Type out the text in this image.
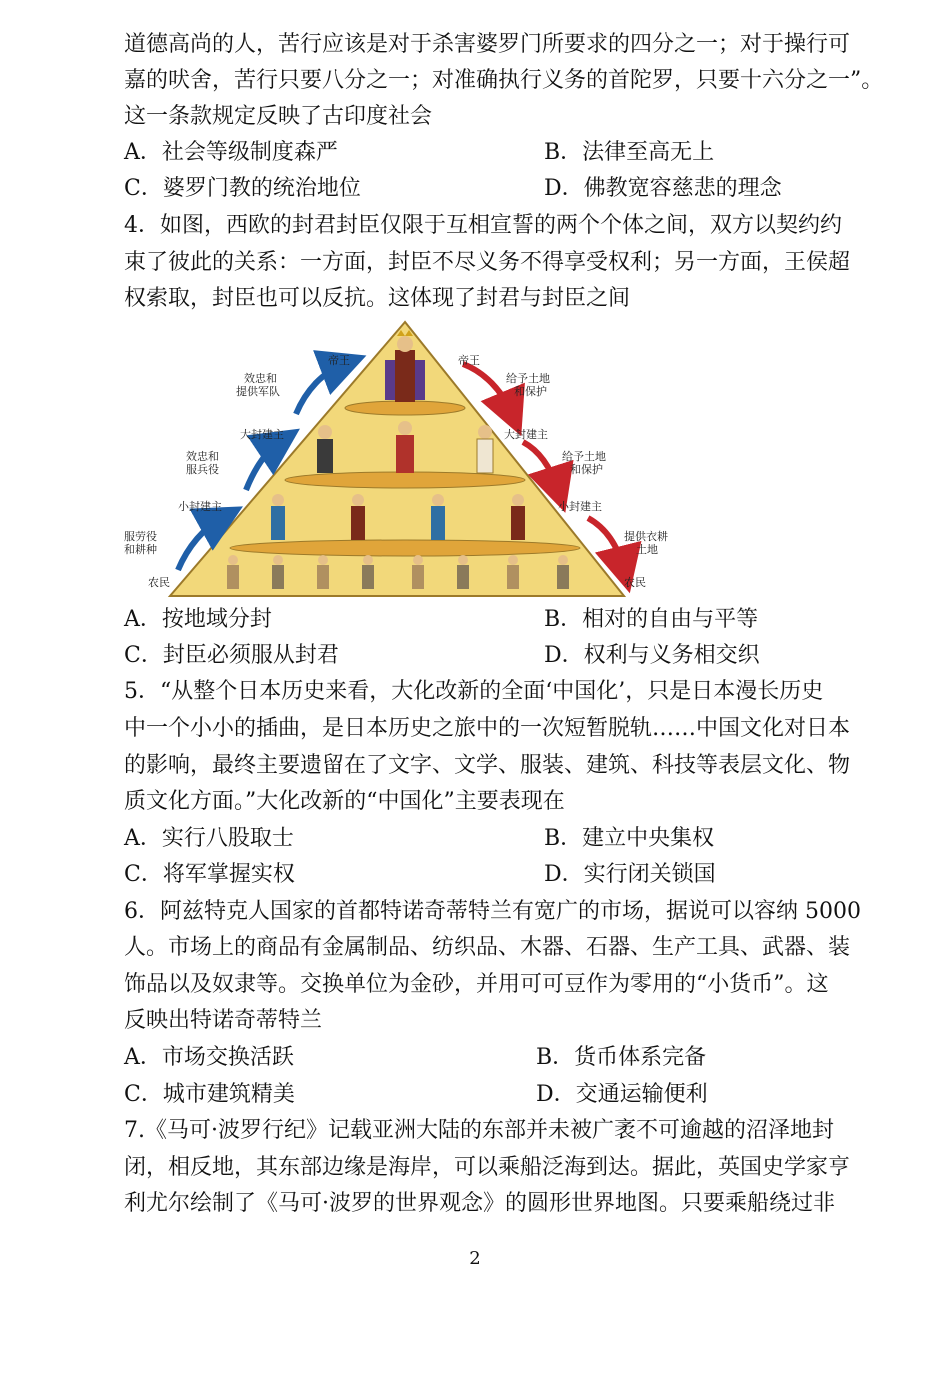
道德高尚的人，苦行应该是对于杀害婆罗门所要求的四分之一；对于操行可
嘉的吠舍，苦行只要八分之一；对准确执行义务的首陀罗，只要十六分之一”。
这一条款规定反映了古印度社会
A．社会等级制度森严	B．法律至高无上
C．婆罗门教的统治地位	D．佛教宽容慈悲的理念
4．如图，西欧的封君封臣仅限于互相宣誓的两个个体之间，双方以契约约
束了彼此的关系：一方面，封臣不尽义务不得享受权利；另一方面，王侯超
权索取，封臣也可以反抗。这体现了封君与封臣之间
帝王
大封建主
小封建主
农民
效忠和
提供军队
效忠和
服兵役
服劳役
和耕种
帝王
大封建主
小封建主
农民
给予土地
和保护
给予土地
和保护
提供衣耕
土地
A．按地域分封	B．相对的自由与平等
C．封臣必须服从封君	D．权利与义务相交织
5．“从整个日本历史来看，大化改新的全面‘中国化’，只是日本漫长历史
中一个小小的插曲，是日本历史之旅中的一次短暂脱轨……中国文化对日本
的影响，最终主要遗留在了文字、文学、服装、建筑、科技等表层文化、物
质文化方面。”大化改新的“中国化”主要表现在
A．实行八股取士	B．建立中央集权
C．将军掌握实权	D．实行闭关锁国
6．阿兹特克人国家的首都特诺奇蒂特兰有宽广的市场，据说可以容纳 5000
人。市场上的商品有金属制品、纺织品、木器、石器、生产工具、武器、装
饰品以及奴隶等。交换单位为金砂，并用可可豆作为零用的“小货币”。这
反映出特诺奇蒂特兰
A．市场交换活跃	B．货币体系完备
C．城市建筑精美	D．交通运输便利
7.《马可·波罗行纪》记载亚洲大陆的东部并未被广袤不可逾越的沼泽地封
闭，相反地，其东部边缘是海岸，可以乘船泛海到达。据此，英国史学家亨
利尤尔绘制了《马可·波罗的世界观念》的圆形世界地图。只要乘船绕过非
2
